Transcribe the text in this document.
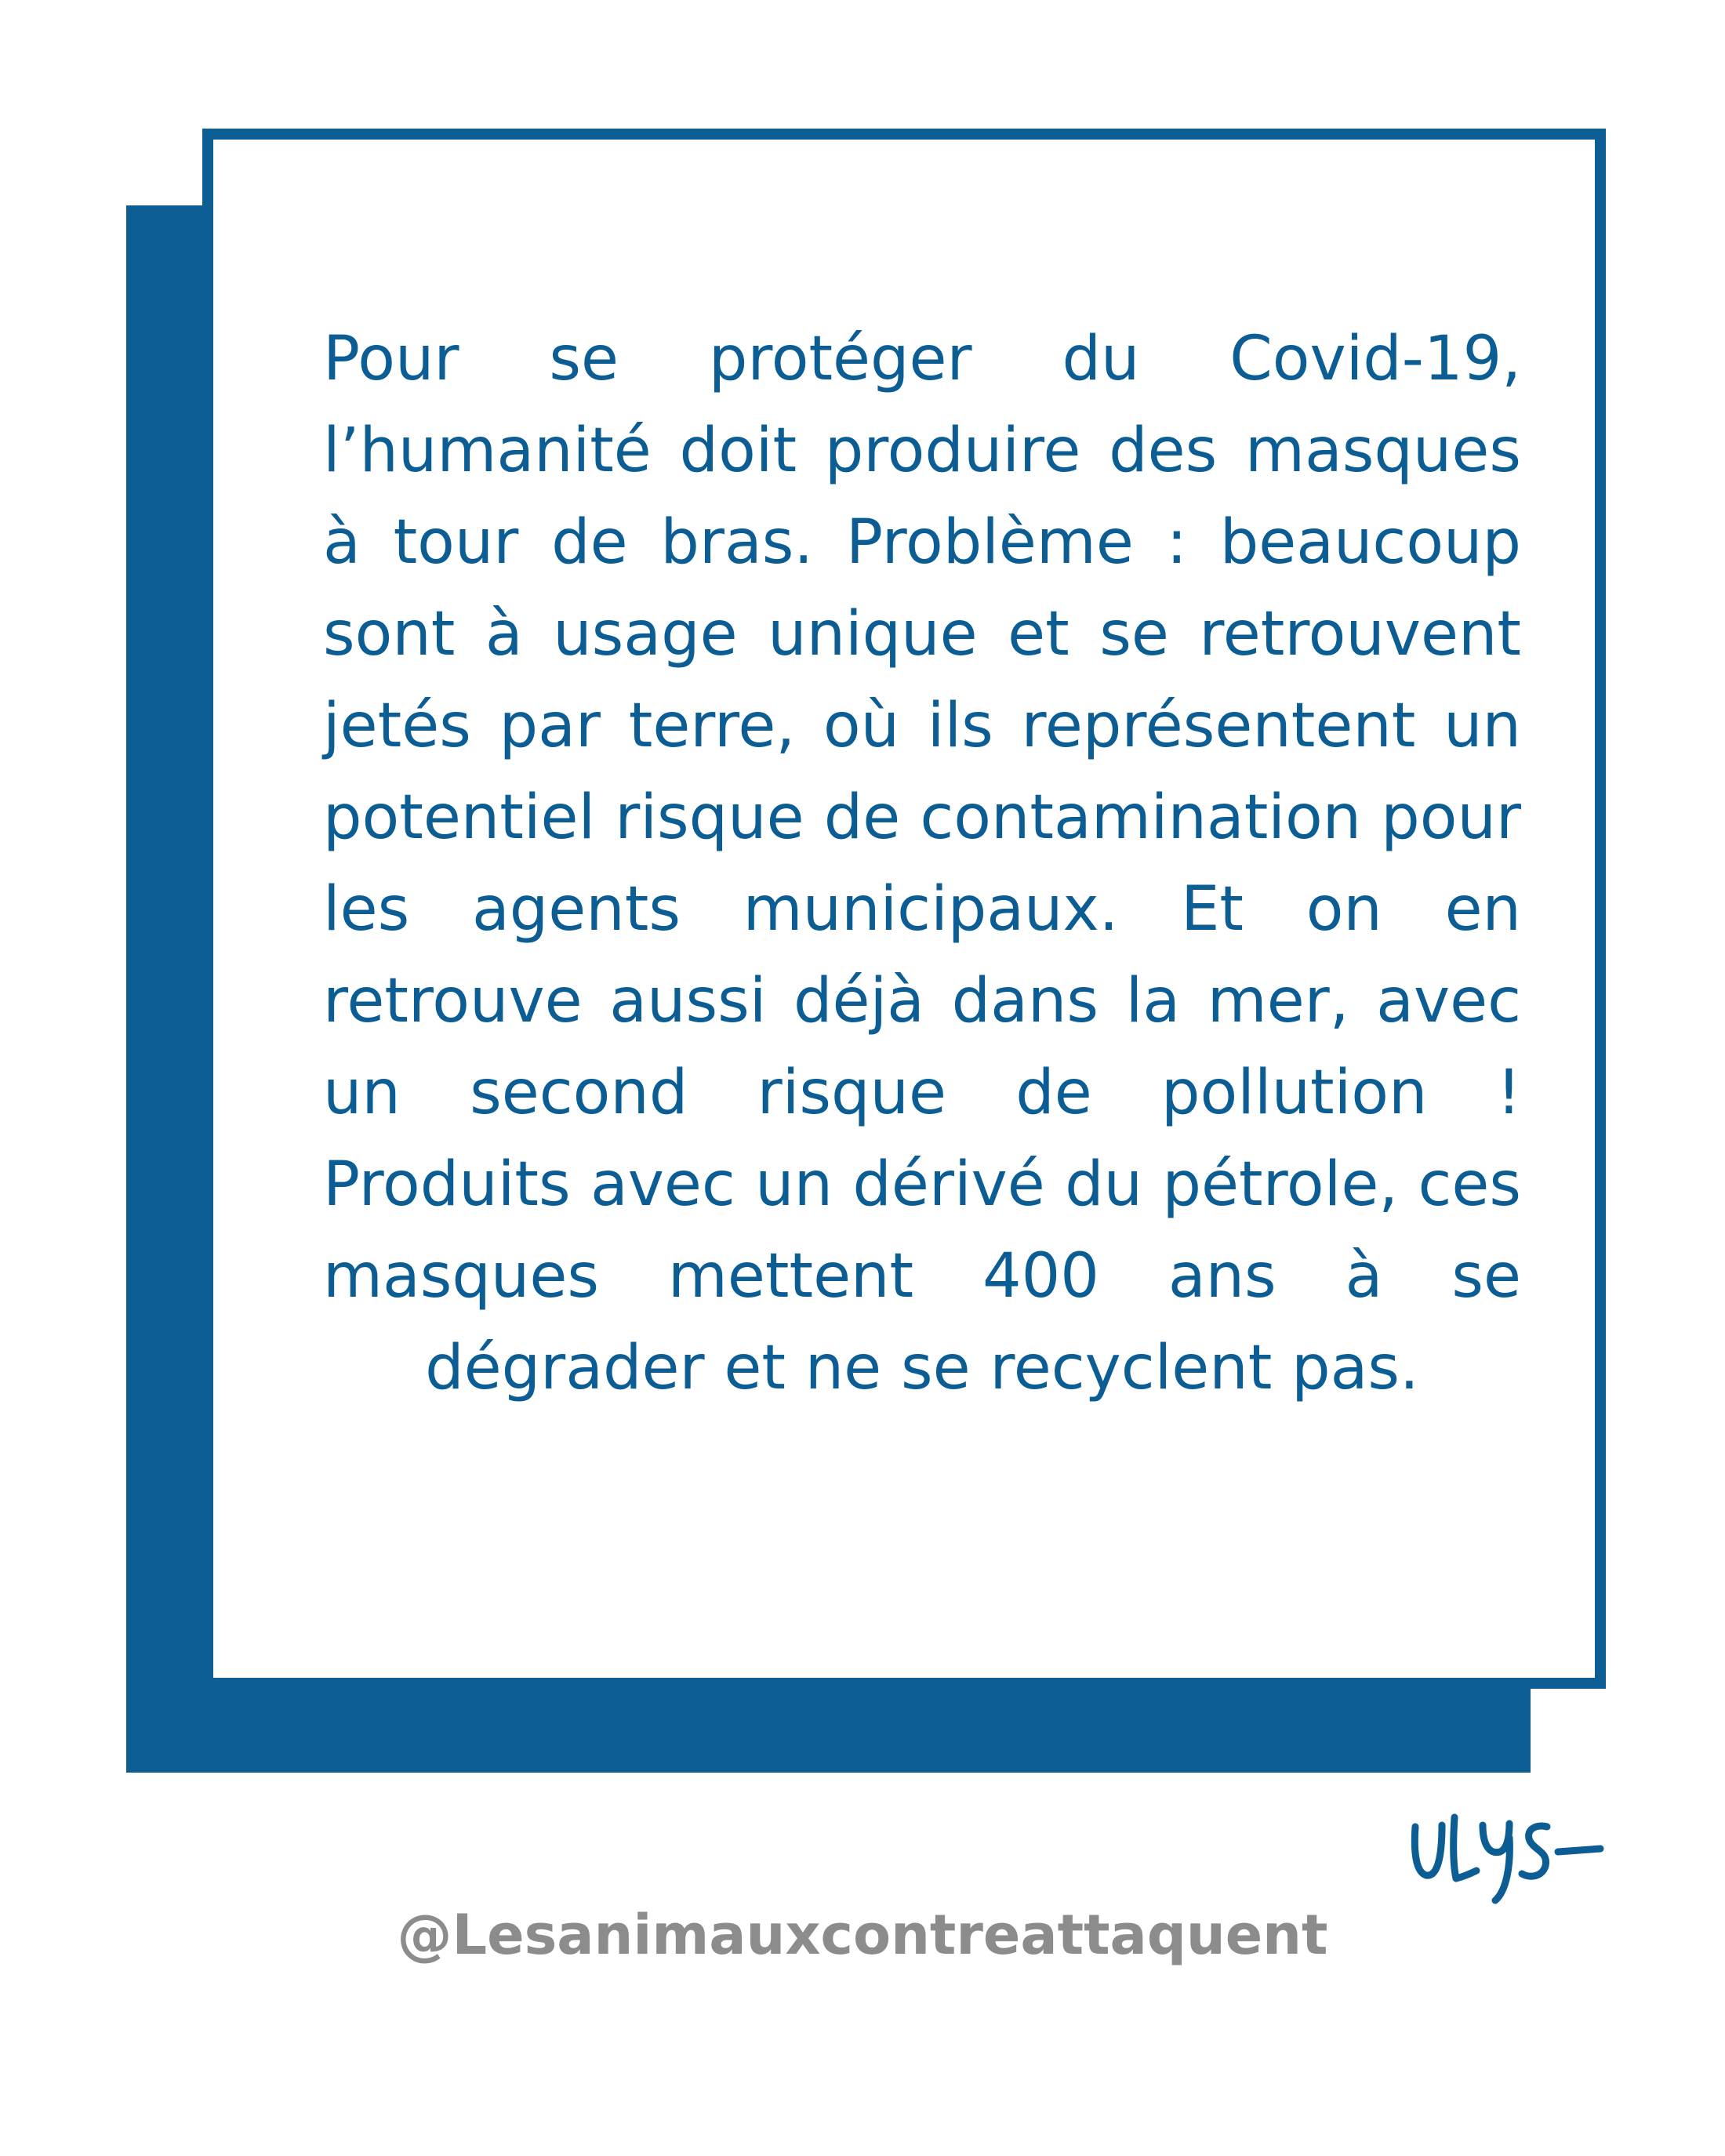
Pour se protéger du Covid-19, l’humanité doit produire des masques à tour de bras. Problème : beaucoup sont à usage unique et se retrouvent jetés par terre, où ils représentent un potentiel risque de contamination pour les agents municipaux. Et on en retrouve aussi déjà dans la mer, avec un second risque de pollution ! Produits avec un dérivé du pétrole, ces masques mettent 400 ans à se dégrader et ne se recyclent pas.

@Lesanimauxcontreattaquent
